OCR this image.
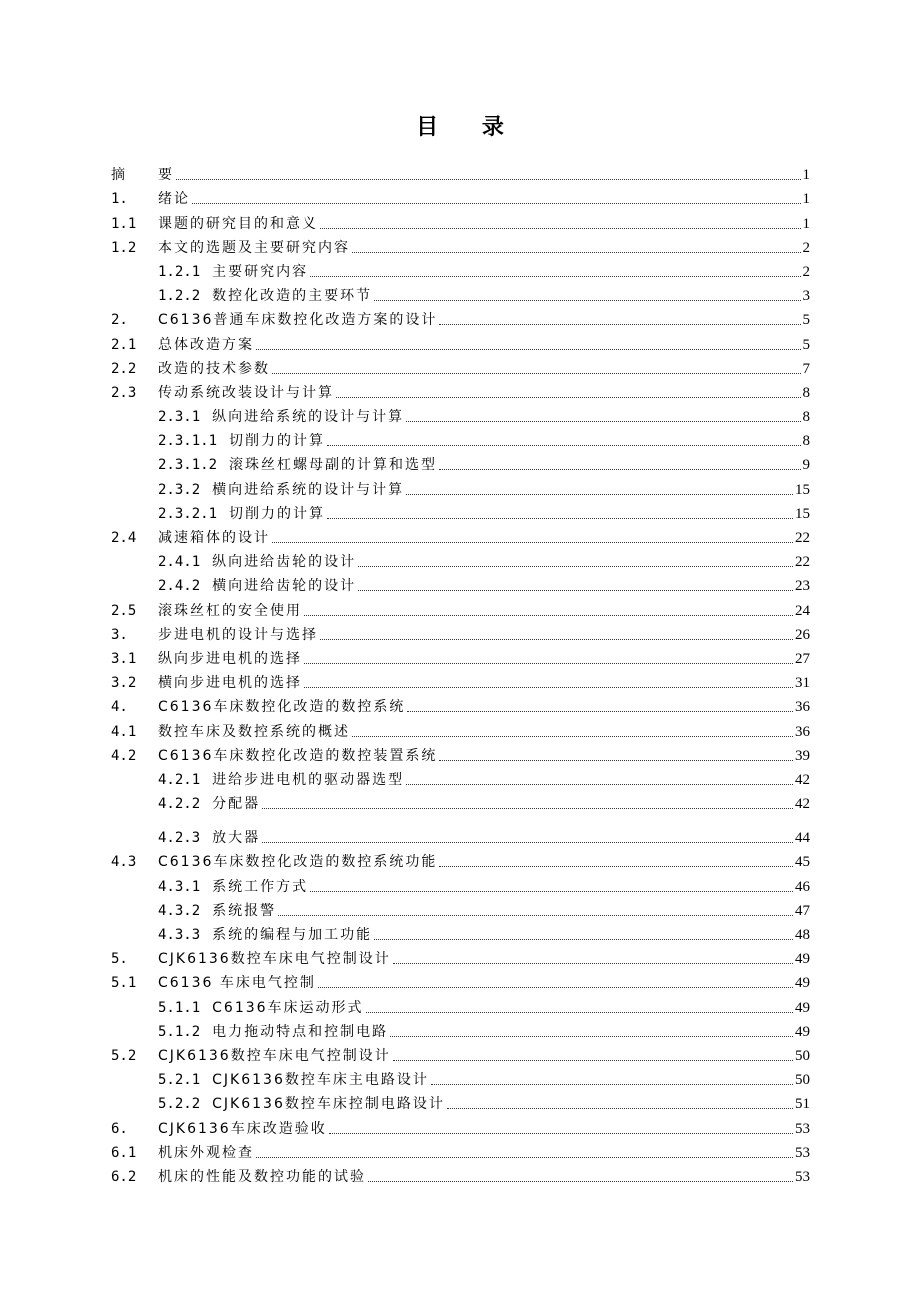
目 录
摘	要	1
1.	绪论	1
1.1	课题的研究目的和意义	1
1.2	本文的选题及主要研究内容	2
1.2.1 主要研究内容	2
1.2.2 数控化改造的主要环节	3
2.	C6136普通车床数控化改造方案的设计	5
2.1	总体改造方案	5
2.2	改造的技术参数	7
2.3	传动系统改装设计与计算	8
2.3.1 纵向进给系统的设计与计算	8
2.3.1.1 切削力的计算	8
2.3.1.2 滚珠丝杠螺母副的计算和选型	9
2.3.2 横向进给系统的设计与计算	15
2.3.2.1 切削力的计算	15
2.4	减速箱体的设计	22
2.4.1 纵向进给齿轮的设计	22
2.4.2 横向进给齿轮的设计	23
2.5	滚珠丝杠的安全使用	24
3.	步进电机的设计与选择	26
3.1	纵向步进电机的选择	27
3.2	横向步进电机的选择	31
4.	C6136车床数控化改造的数控系统	36
4.1	数控车床及数控系统的概述	36
4.2	C6136车床数控化改造的数控装置系统	39
4.2.1 进给步进电机的驱动器选型	42
4.2.2 分配器	42
4.2.3 放大器	44
4.3	C6136车床数控化改造的数控系统功能	45
4.3.1 系统工作方式	46
4.3.2 系统报警	47
4.3.3 系统的编程与加工功能	48
5.	CJK6136数控车床电气控制设计	49
5.1	C6136 车床电气控制	49
5.1.1 C6136车床运动形式	49
5.1.2 电力拖动特点和控制电路	49
5.2	CJK6136数控车床电气控制设计	50
5.2.1 CJK6136数控车床主电路设计	50
5.2.2 CJK6136数控车床控制电路设计	51
6.	CJK6136车床改造验收	53
6.1	机床外观检查	53
6.2	机床的性能及数控功能的试验	53
